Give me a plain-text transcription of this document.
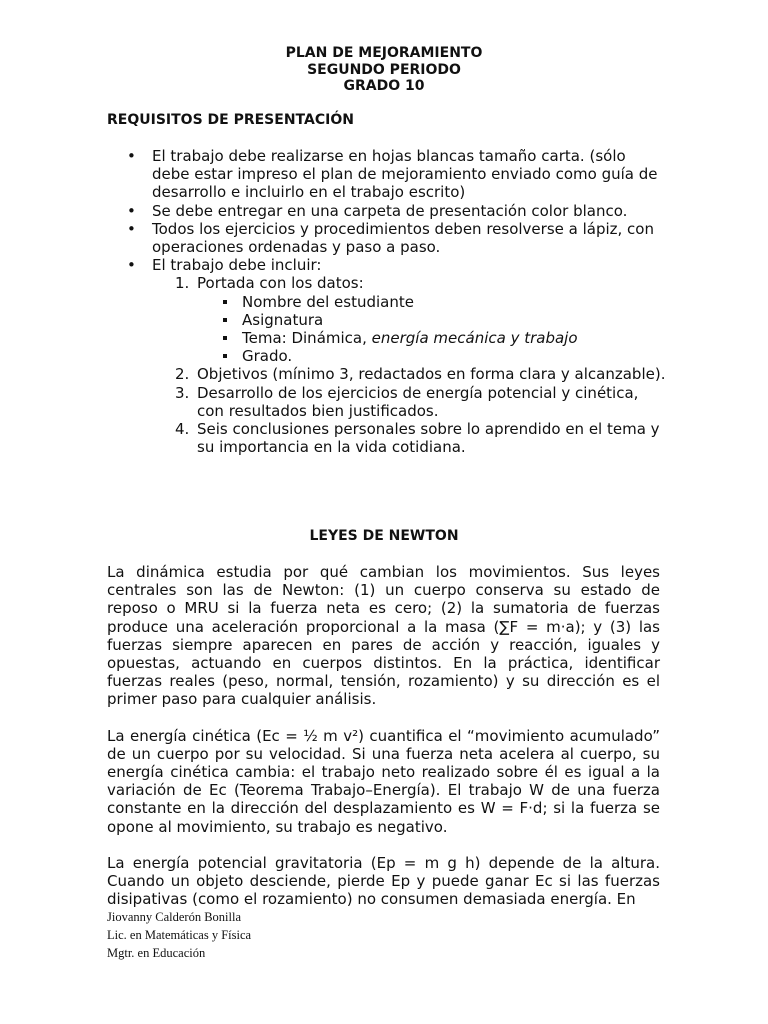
PLAN DE MEJORAMIENTO
SEGUNDO PERIODO
GRADO 10
REQUISITOS DE PRESENTACIÓN
• El trabajo debe realizarse en hojas blancas tamaño carta. (sólo debe estar impreso el plan de mejoramiento enviado como guía de desarrollo e incluirlo en el trabajo escrito)
• Se debe entregar en una carpeta de presentación color blanco.
• Todos los ejercicios y procedimientos deben resolverse a lápiz, con operaciones ordenadas y paso a paso.
• El trabajo debe incluir:
1. Portada con los datos:
Nombre del estudiante
Asignatura
Tema: Dinámica, energía mecánica y trabajo
Grado.
2. Objetivos (mínimo 3, redactados en forma clara y alcanzable).
3. Desarrollo de los ejercicios de energía potencial y cinética, con resultados bien justificados.
4. Seis conclusiones personales sobre lo aprendido en el tema y su importancia en la vida cotidiana.
LEYES DE NEWTON

La dinámica estudia por qué cambian los movimientos. Sus leyes centrales son las de Newton: (1) un cuerpo conserva su estado de reposo o MRU si la fuerza neta es cero; (2) la sumatoria de fuerzas produce una aceleración proporcional a la masa (∑F = m·a); y (3) las fuerzas siempre aparecen en pares de acción y reacción, iguales y opuestas, actuando en cuerpos distintos. En la práctica, identificar fuerzas reales (peso, normal, tensión, rozamiento) y su dirección es el primer paso para cualquier análisis.

La energía cinética (Ec = ½ m v²) cuantifica el “movimiento acumulado” de un cuerpo por su velocidad. Si una fuerza neta acelera al cuerpo, su energía cinética cambia: el trabajo neto realizado sobre él es igual a la variación de Ec (Teorema Trabajo–Energía). El trabajo W de una fuerza constante en la dirección del desplazamiento es W = F·d; si la fuerza se opone al movimiento, su trabajo es negativo.

La energía potencial gravitatoria (Ep = m g h) depende de la altura. Cuando un objeto desciende, pierde Ep y puede ganar Ec si las fuerzas disipativas (como el rozamiento) no consumen demasiada energía. En

Jiovanny Calderón Bonilla
Lic. en Matemáticas y Física
Mgtr. en Educación
